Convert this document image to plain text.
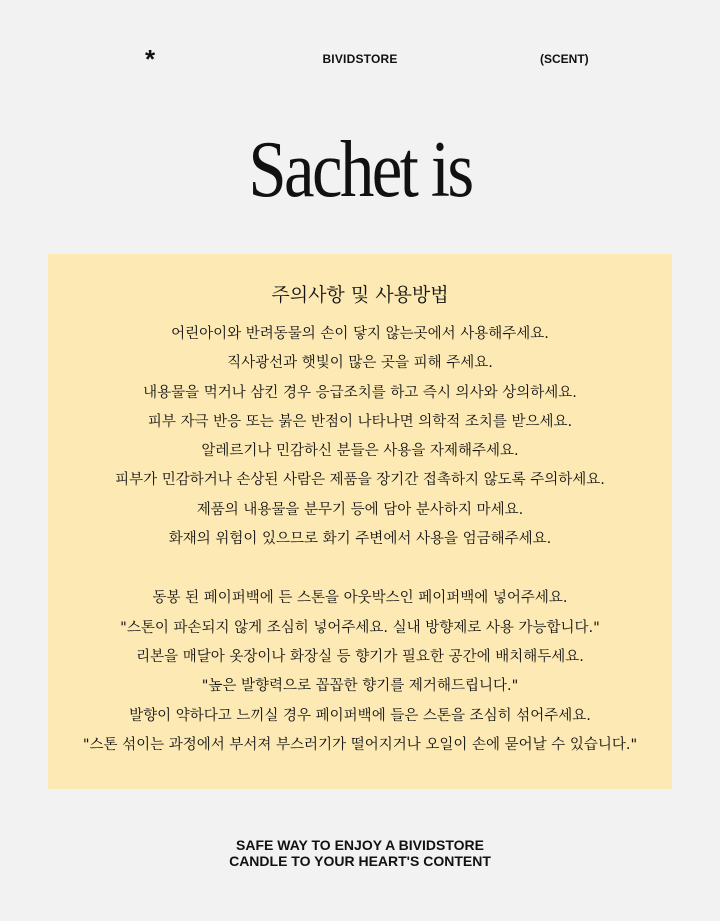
*	BIVIDSTORE	(SCENT)
Sachet is
주의사항 및 사용방법
어린아이와 반려동물의 손이 닿지 않는곳에서 사용해주세요.
직사광선과 햇빛이 많은 곳을 피해 주세요.
내용물을 먹거나 삼킨 경우 응급조치를 하고 즉시 의사와 상의하세요.
피부 자극 반응 또는 붉은 반점이 나타나면 의학적 조치를 받으세요.
알레르기나 민감하신 분들은 사용을 자제해주세요.
피부가 민감하거나 손상된 사람은 제품을 장기간 접촉하지 않도록 주의하세요.
제품의 내용물을 분무기 등에 담아 분사하지 마세요.
화재의 위험이 있으므로 화기 주변에서 사용을 엄금해주세요.
동봉 된 페이퍼백에 든 스톤을 아웃박스인 페이퍼백에 넣어주세요.
"스톤이 파손되지 않게 조심히 넣어주세요. 실내 방향제로 사용 가능합니다."
리본을 매달아 옷장이나 화장실 등 향기가 필요한 공간에 배치해두세요.
"높은 발향력으로 꼽꼽한 향기를 제거해드립니다."
발향이 약하다고 느끼실 경우 페이퍼백에 들은 스톤을 조심히 섞어주세요.
"스톤 섞이는 과정에서 부서져 부스러기가 떨어지거나 오일이 손에 묻어날 수 있습니다."
SAFE WAY TO ENJOY A BIVIDSTORE
CANDLE TO YOUR HEART'S CONTENT
